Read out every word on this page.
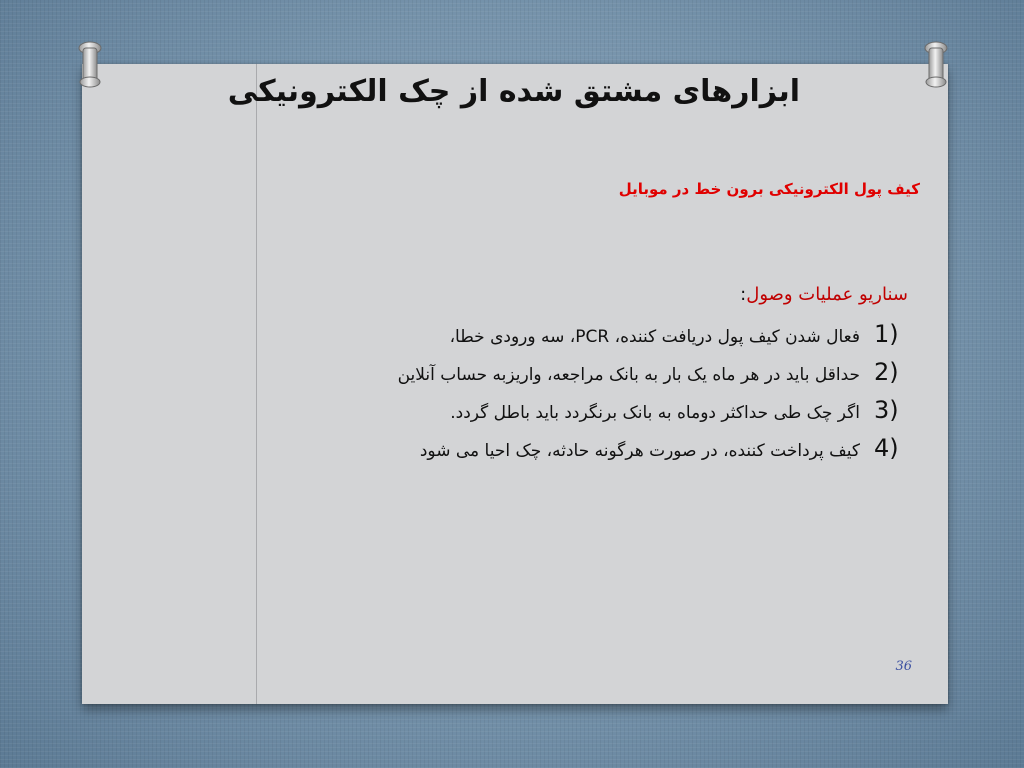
ابزارهای مشتق شده از چک الکترونیکی
کیف پول الکترونیکی برون خط در موبایل
سناریو عملیات وصول:
1)
فعال شدن کیف پول دریافت کننده، PCR، سه ورودی خطا،
2)
حداقل باید در هر ماه یک بار به بانک مراجعه، واریزبه حساب آنلاین
3)
اگر چک طی حداکثر دوماه به بانک برنگردد باید باطل گردد.
4)
کیف پرداخت کننده، در صورت هرگونه حادثه، چک احیا می شود
36
